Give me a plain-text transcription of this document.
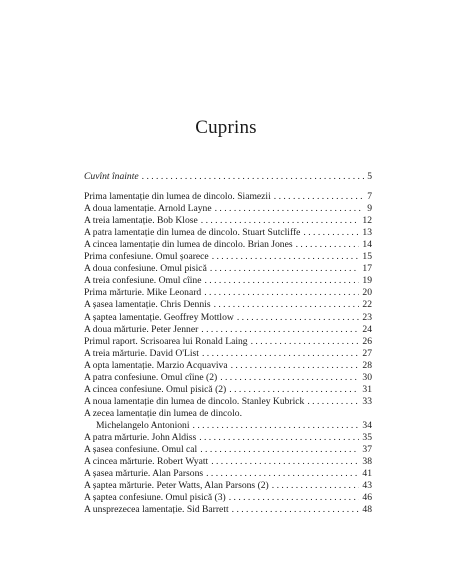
Cuprins
Cuvînt înainte . . .	5
Prima lamentație din lumea de dincolo. Siamezii . . .	7
A doua lamentație. Arnold Layne . . .	9
A treia lamentație. Bob Klose . . .	12
A patra lamentație din lumea de dincolo. Stuart Sutcliffe . . .	13
A cincea lamentație din lumea de dincolo. Brian Jones . . .	14
Prima confesiune. Omul șoarece . . .	15
A doua confesiune. Omul pisică . . .	17
A treia confesiune. Omul cîine . . .	19
Prima mărturie. Mike Leonard . . .	20
A șasea lamentație. Chris Dennis . . .	22
A șaptea lamentație. Geoffrey Mottlow . . .	23
A doua mărturie. Peter Jenner . . .	24
Primul raport. Scrisoarea lui Ronald Laing . . .	26
A treia mărturie. David O'List . . .	27
A opta lamentație. Marzio Acquaviva . . .	28
A patra confesiune. Omul cîine (2) . . .	30
A cincea confesiune. Omul pisică (2) . . .	31
A noua lamentație din lumea de dincolo. Stanley Kubrick . . .	33
A zecea lamentație din lumea de dincolo.
Michelangelo Antonioni . . .	34
A patra mărturie. John Aldiss . . .	35
A șasea confesiune. Omul cal . . .	37
A cincea mărturie. Robert Wyatt . . .	38
A șasea mărturie. Alan Parsons . . .	41
A șaptea mărturie. Peter Watts, Alan Parsons (2) . . .	43
A șaptea confesiune. Omul pisică (3) . . .	46
A unsprezecea lamentație. Sid Barrett . . .	48
